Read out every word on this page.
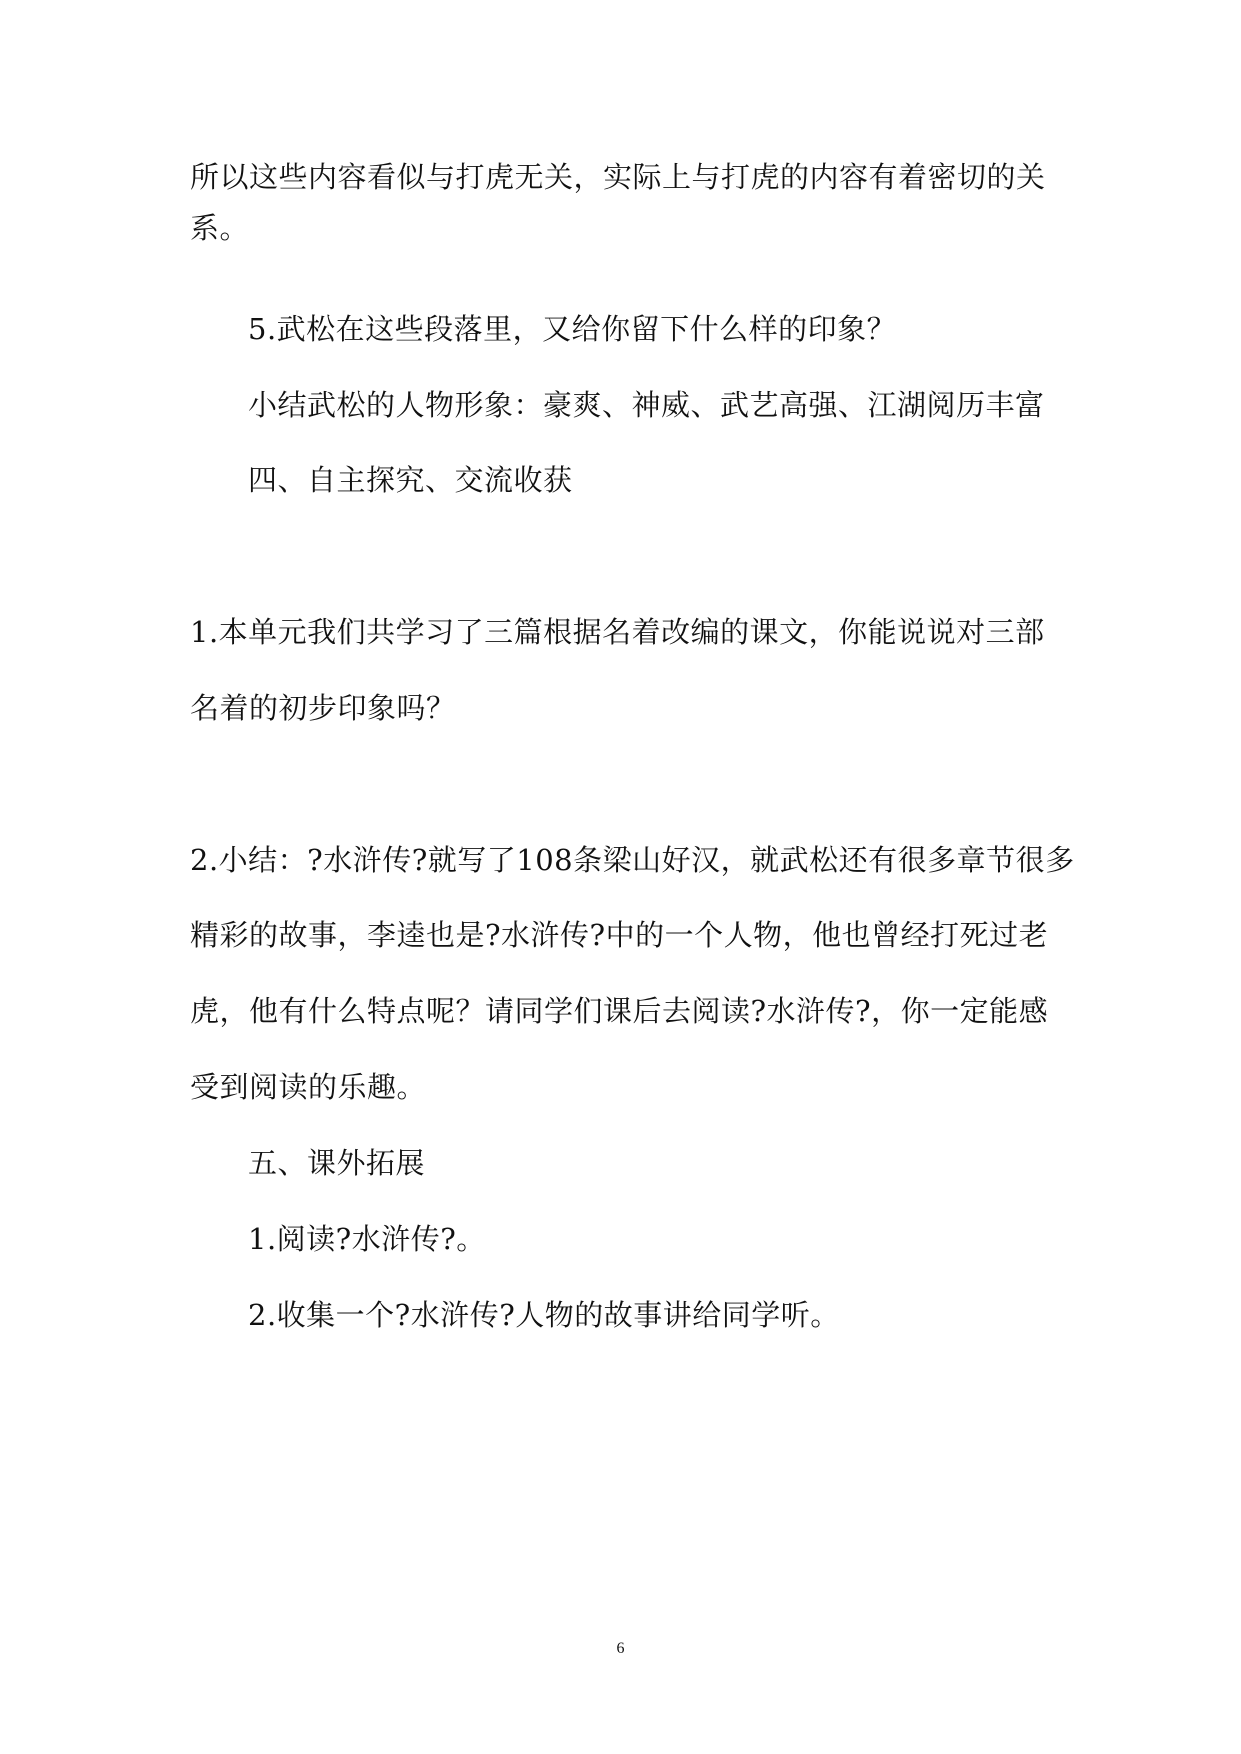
所以这些内容看似与打虎无关，实际上与打虎的内容有着密切的关
系。
5.武松在这些段落里，又给你留下什么样的印象？
小结武松的人物形象：豪爽、神威、武艺高强、江湖阅历丰富
四、自主探究、交流收获
1.本单元我们共学习了三篇根据名着改编的课文，你能说说对三部
名着的初步印象吗？
2.小结：?水浒传?就写了108条梁山好汉，就武松还有很多章节很多
精彩的故事，李逵也是?水浒传?中的一个人物，他也曾经打死过老
虎，他有什么特点呢？请同学们课后去阅读?水浒传?，你一定能感
受到阅读的乐趣。
五、课外拓展
1.阅读?水浒传?。
2.收集一个?水浒传?人物的故事讲给同学听。
6
